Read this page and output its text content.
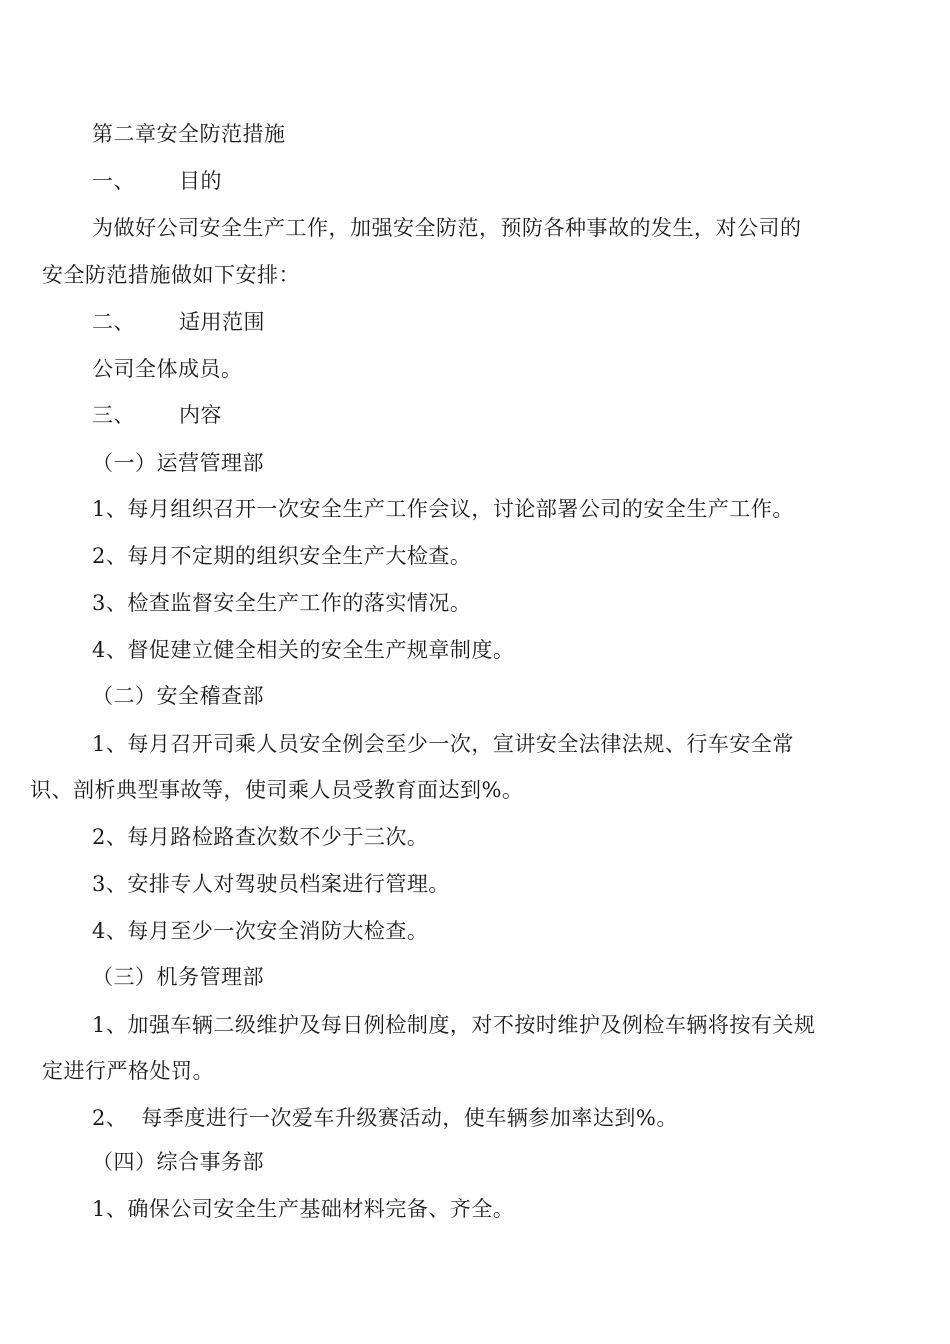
第二章安全防范措施
一、 目的
为做好公司安全生产工作，加强安全防范，预防各种事故的发生，对公司的
安全防范措施做如下安排：
二、 适用范围
公司全体成员。
三、 内容
（一）运营管理部
1、每月组织召开一次安全生产工作会议，讨论部署公司的安全生产工作。
2、每月不定期的组织安全生产大检查。
3、检查监督安全生产工作的落实情况。
4、督促建立健全相关的安全生产规章制度。
（二）安全稽查部
1、每月召开司乘人员安全例会至少一次，宣讲安全法律法规、行车安全常
识、剖析典型事故等，使司乘人员受教育面达到%。
2、每月路检路查次数不少于三次。
3、安排专人对驾驶员档案进行管理。
4、每月至少一次安全消防大检查。
（三）机务管理部
1、加强车辆二级维护及每日例检制度，对不按时维护及例检车辆将按有关规
定进行严格处罚。
2、 每季度进行一次爱车升级赛活动，使车辆参加率达到%。
（四）综合事务部
1、确保公司安全生产基础材料完备、齐全。
